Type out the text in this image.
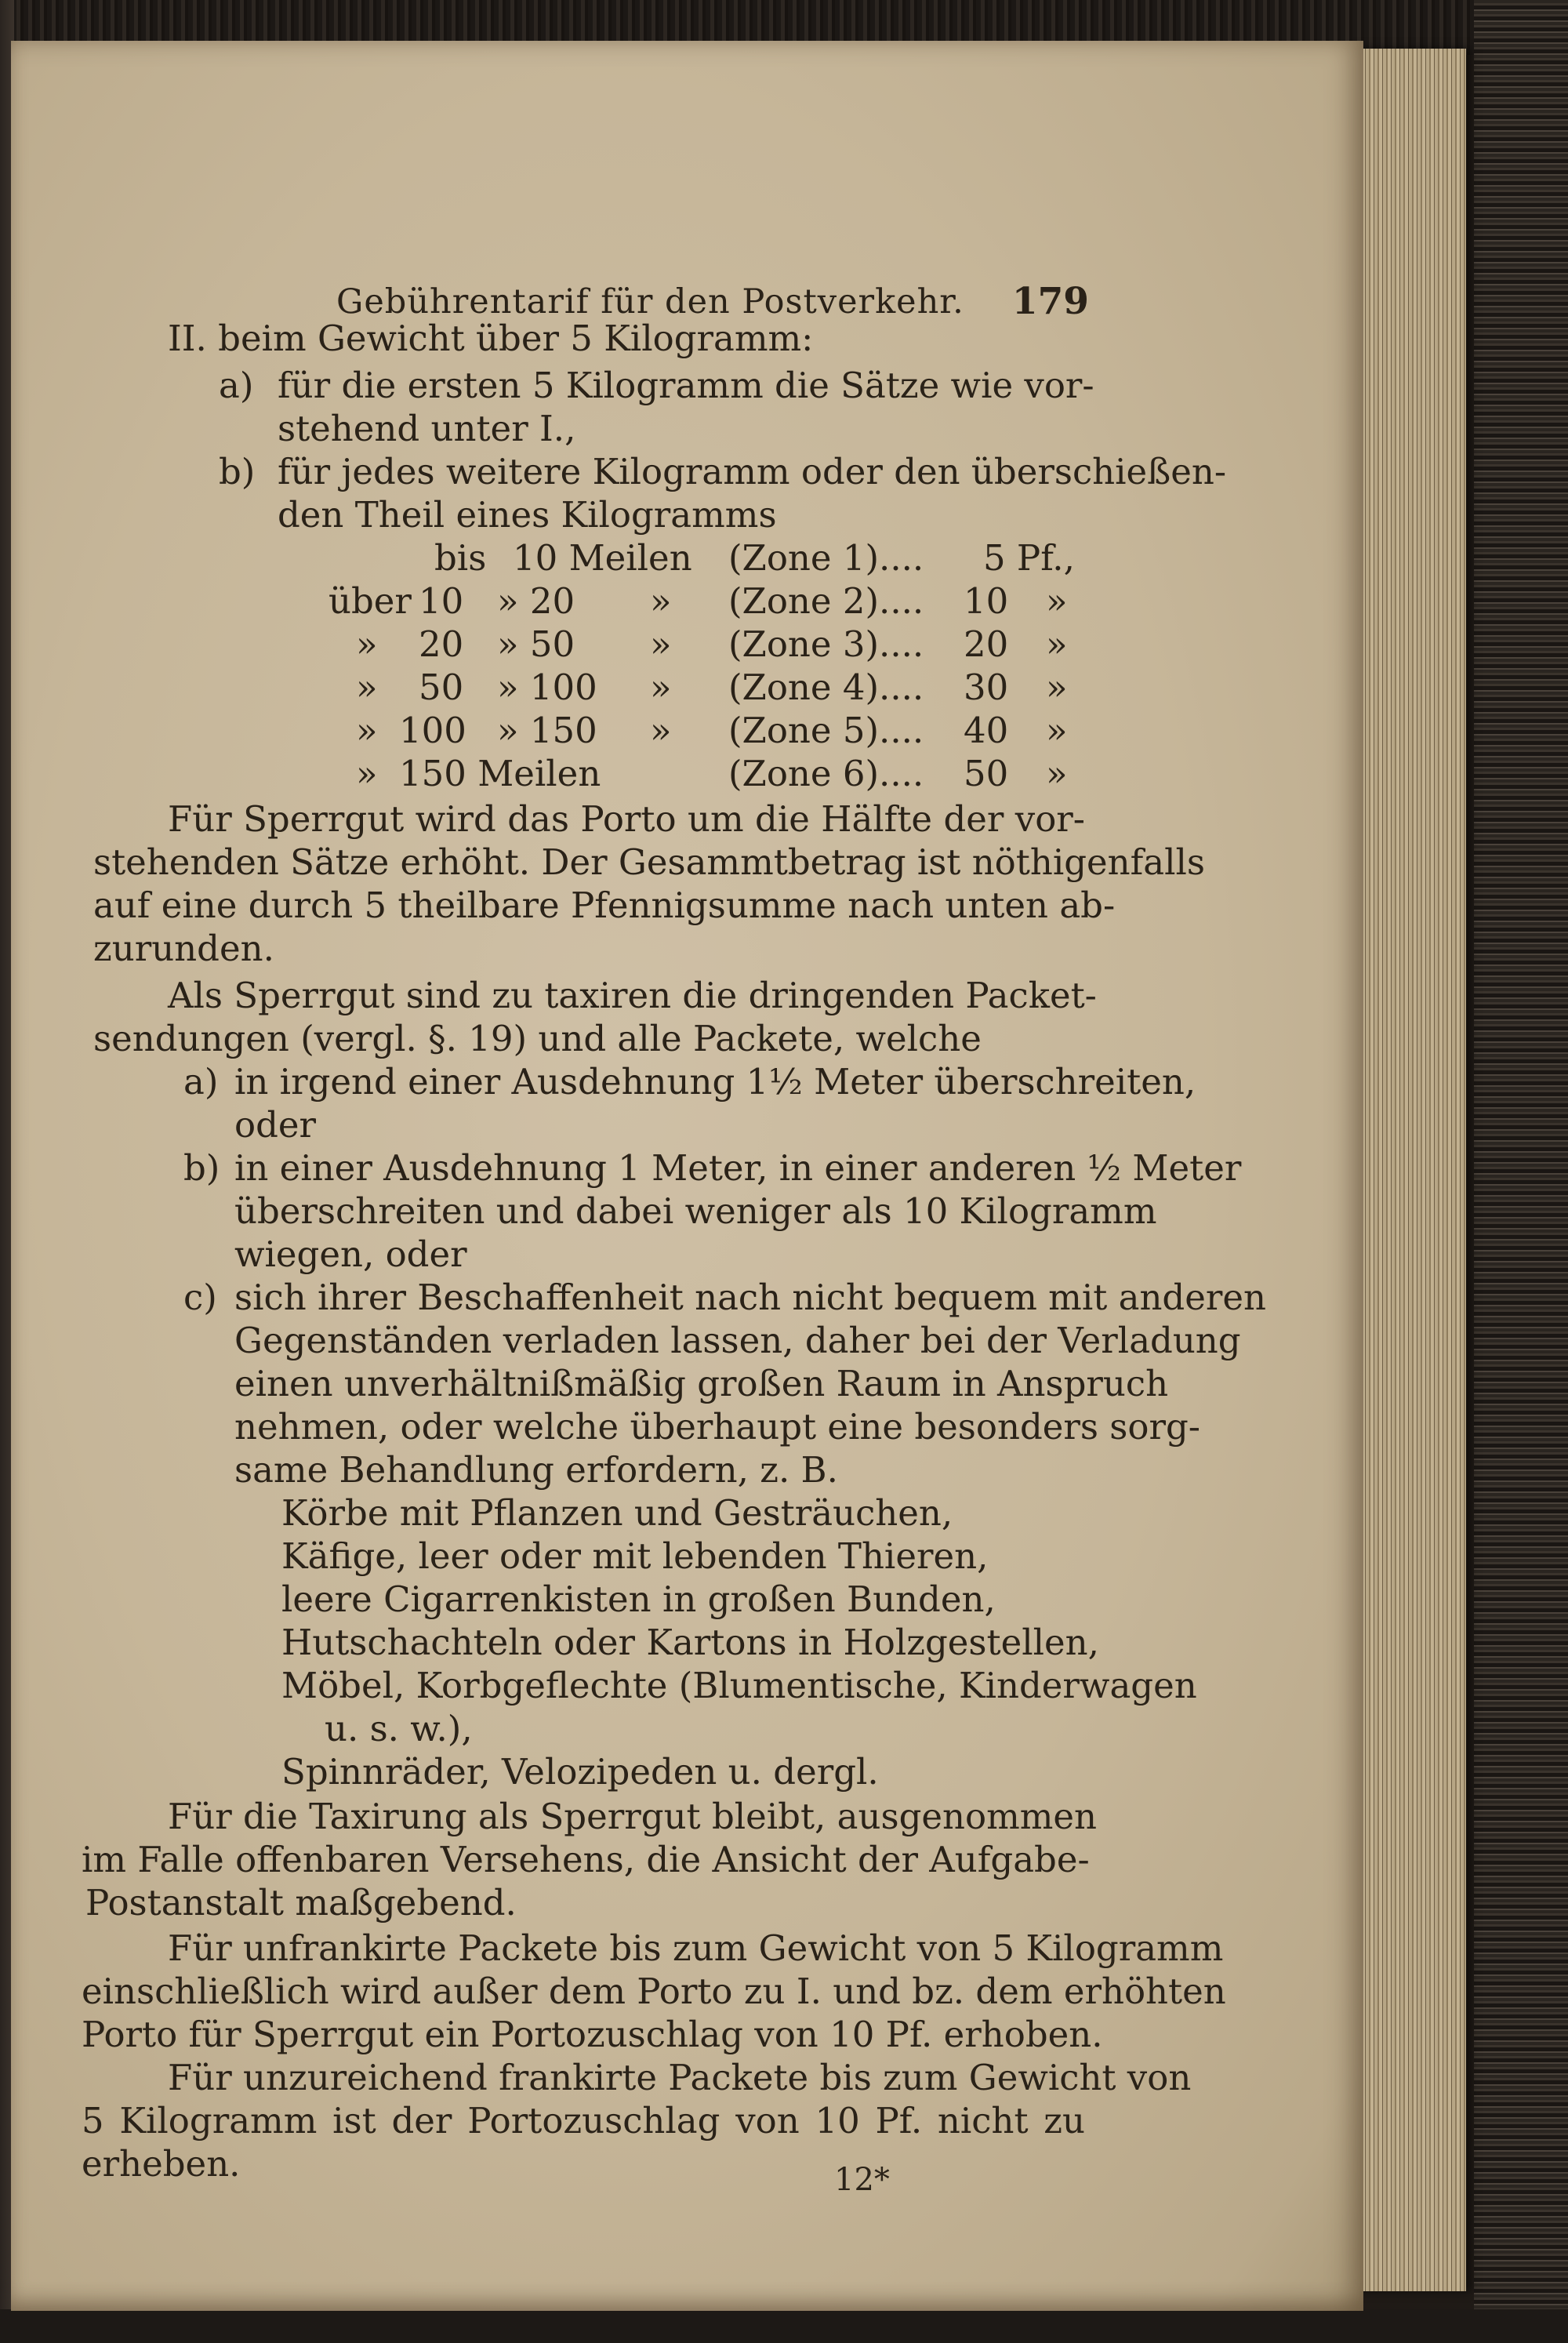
Gebührentarif für den Postverkehr. 179
II. beim Gewicht über 5 Kilogramm:
a) für die ersten 5 Kilogramm die Sätze wie vor-
stehend unter I.,
b) für jedes weitere Kilogramm oder den überschießen-
den Theil eines Kilogramms
bis 10 Meilen (Zone 1).... 5 Pf.,
über 10 » 20 » (Zone 2).... 10 »
» 20 » 50 » (Zone 3).... 20 »
» 50 » 100 » (Zone 4).... 30 »
» 100 » 150 » (Zone 5).... 40 »
» 150 Meilen	(Zone 6).... 50 »
Für Sperrgut wird das Porto um die Hälfte der vor-
stehenden Sätze erhöht. Der Gesammtbetrag ist nöthigenfalls
auf eine durch 5 theilbare Pfennigsumme nach unten ab-
zurunden.
Als Sperrgut sind zu taxiren die dringenden Packet-
sendungen (vergl. §. 19) und alle Packete, welche
a) in irgend einer Ausdehnung 1½ Meter überschreiten,
oder
b) in einer Ausdehnung 1 Meter, in einer anderen ½ Meter
überschreiten und dabei weniger als 10 Kilogramm
wiegen, oder
c) sich ihrer Beschaffenheit nach nicht bequem mit anderen
Gegenständen verladen lassen, daher bei der Verladung
einen unverhältnißmäßig großen Raum in Anspruch
nehmen, oder welche überhaupt eine besonders sorg-
same Behandlung erfordern, z. B.
Körbe mit Pflanzen und Gesträuchen,
Käfige, leer oder mit lebenden Thieren,
leere Cigarrenkisten in großen Bunden,
Hutschachteln oder Kartons in Holzgestellen,
Möbel, Korbgeflechte (Blumentische, Kinderwagen
u. s. w.),
Spinnräder, Velozipeden u. dergl.
Für die Taxirung als Sperrgut bleibt, ausgenommen
im Falle offenbaren Versehens, die Ansicht der Aufgabe-
Postanstalt maßgebend.
Für unfrankirte Packete bis zum Gewicht von 5 Kilogramm
einschließlich wird außer dem Porto zu I. und bz. dem erhöhten
Porto für Sperrgut ein Portozuschlag von 10 Pf. erhoben.
Für unzureichend frankirte Packete bis zum Gewicht von
5 Kilogramm ist der Portozuschlag von 10 Pf. nicht zu
erheben.	12*
